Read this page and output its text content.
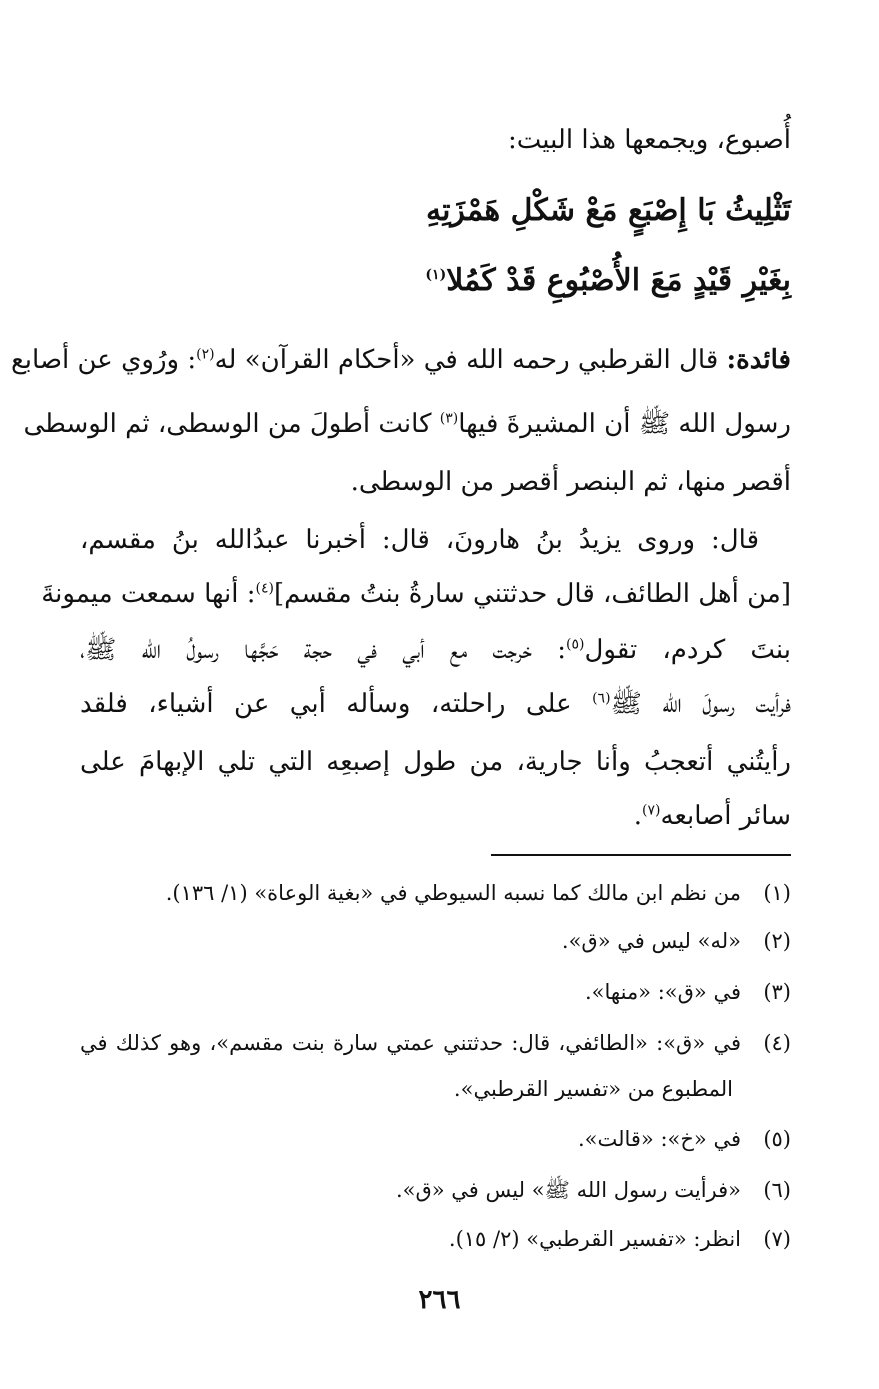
أُصبوع، ويجمعها هذا البيت:
تَثْلِيثُ بَا إِصْبَعٍ مَعْ شَكْلِ هَمْزَتِهِ
بِغَيْرِ قَيْدٍ مَعَ الأُصْبُوعِ قَدْ كَمُلا$^{(١)}$
فائدة: قال القرطبي رحمه الله في «أحكام القرآن» له$^{(٢)}$: ورُوي عن أصابع
رسول الله ﷺ أن المشيرةَ فيها$^{(٣)}$ كانت أطولَ من الوسطى، ثم الوسطى
أقصر منها، ثم البنصر أقصر من الوسطى.
قال: وروى يزيدُ بنُ هارونَ، قال: أخبرنا عبدُالله بنُ مقسم،
[من أهل الطائف، قال حدثتني سارةُ بنتُ مقسم]$^{(٤)}$: أنها سمعت ميمونةَ
بنتَ كردم، تقول$^{(٥)}$: خرجت مع أبي في حجة حَجَّها رسولُ الله ﷺ،
فرأيت رسولَ الله ﷺ$^{(٦)}$ على راحلته، وسأله أبي عن أشياء، فلقد
رأيتُني أتعجبُ وأنا جارية، من طول إصبعِه التي تلي الإبهامَ على
سائر أصابعه$^{(٧)}$.
(١)من نظم ابن مالك كما نسبه السيوطي في «بغية الوعاة» (١/ ١٣٦).
(٢)«له» ليس في «ق».
(٣)في «ق»: «منها».
(٤)في «ق»: «الطائفي، قال: حدثتني عمتي سارة بنت مقسم»، وهو كذلك في
المطبوع من «تفسير القرطبي».
(٥)في «خ»: «قالت».
(٦)«فرأيت رسول الله ﷺ» ليس في «ق».
(٧)انظر: «تفسير القرطبي» (٢/ ١٥).
٢٦٦
